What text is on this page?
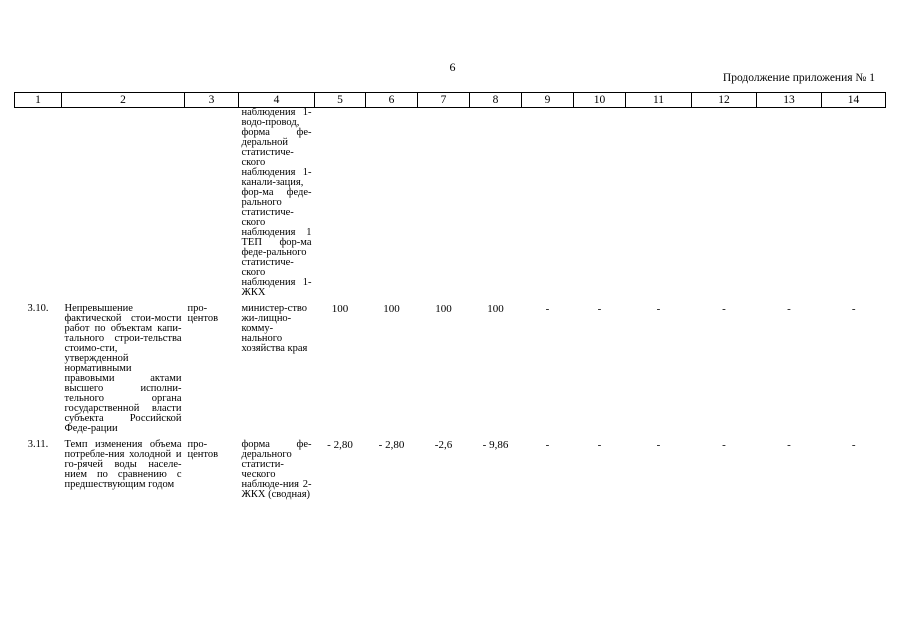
6
Продолжение приложения № 1
1	2	3	4	5	6	7	8	9	10	11	12	13	14
			наблюдения 1-водо-провод, форма фе-деральной статистиче-ского наблюдения 1- канали-зация, фор-ма феде-рального статистиче-ского наблюдения 1 ТЕП фор-ма феде-рального статистиче-ского наблюдения 1-ЖКХ										

3.10.	Непревышение фактической стои-мости работ по объектам капи-тального строи-тельства стоимо-сти, утвержденной нормативными правовыми актами высшего исполни-тельного органа государственной власти субъекта Российской Феде-рации	про-центов	министер-ство жи-лищно-комму-нального хозяйства края	100	100	100	100	-	-	-	-	-	-

3.11.	Темп изменения объема потребле-ния холодной и го-рячей воды населе-нием по сравнению с предшествующим годом	про-центов	форма фе-дерального статисти-ческого наблюде-ния 2-ЖКХ (сводная)	- 2,80	- 2,80	-2,6	- 9,86	-	-	-	-	-	-
